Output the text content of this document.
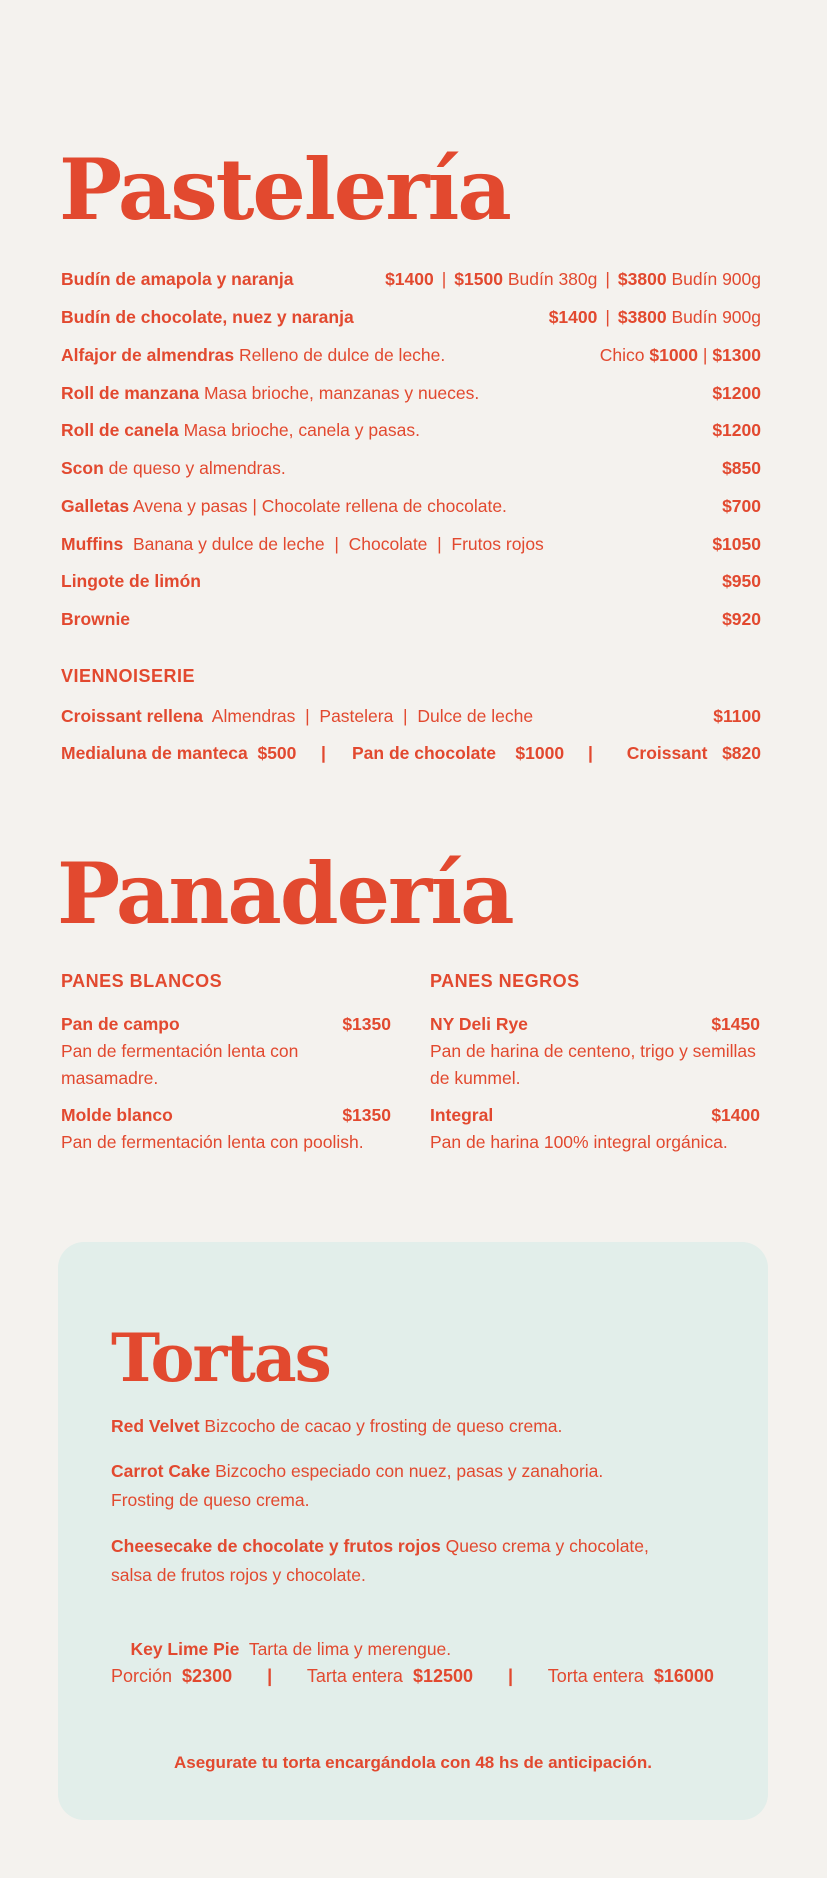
Pastelería
Budín de amapola y naranja	$1400 | $1500 Budín 380g | $3800 Budín 900g
Budín de chocolate, nuez y naranja	$1400 | $3800 Budín 900g
Alfajor de almendras Relleno de dulce de leche.	Chico $1000 | $1300
Roll de manzana Masa brioche, manzanas y nueces.	$1200
Roll de canela Masa brioche, canela y pasas.	$1200
Scon de queso y almendras.	$850
Galletas Avena y pasas | Chocolate rellena de chocolate.	$700
Muffins Banana y dulce de leche  |  Chocolate  |  Frutos rojos	$1050
Lingote de limón	$950
Brownie	$920
VIENNOISERIE
Croissant rellena Almendras  |  Pastelera  |  Dulce de leche	$1100
Medialuna de manteca $500 | Pan de chocolate $1000 | Croissant $820
Panadería
PANES BLANCOS	PANES NEGROS
Pan de campo	$1350
Pan de fermentación lenta con masamadre.
Molde blanco	$1350
Pan de fermentación lenta con poolish.
NY Deli Rye	$1450
Pan de harina de centeno, trigo y semillas de kummel.
Integral	$1400
Pan de harina 100% integral orgánica.
Tortas
Red Velvet Bizcocho de cacao y frosting de queso crema.
Carrot Cake Bizcocho especiado con nuez, pasas y zanahoria. Frosting de queso crema.
Cheesecake de chocolate y frutos rojos Queso crema y chocolate, salsa de frutos rojos y chocolate.

Key Lime Pie Tarta de lima y merengue.

Porción $2300 | Tarta entera $12500 | Torta entera $16000
Asegurate tu torta encargándola con 48 hs de anticipación.
